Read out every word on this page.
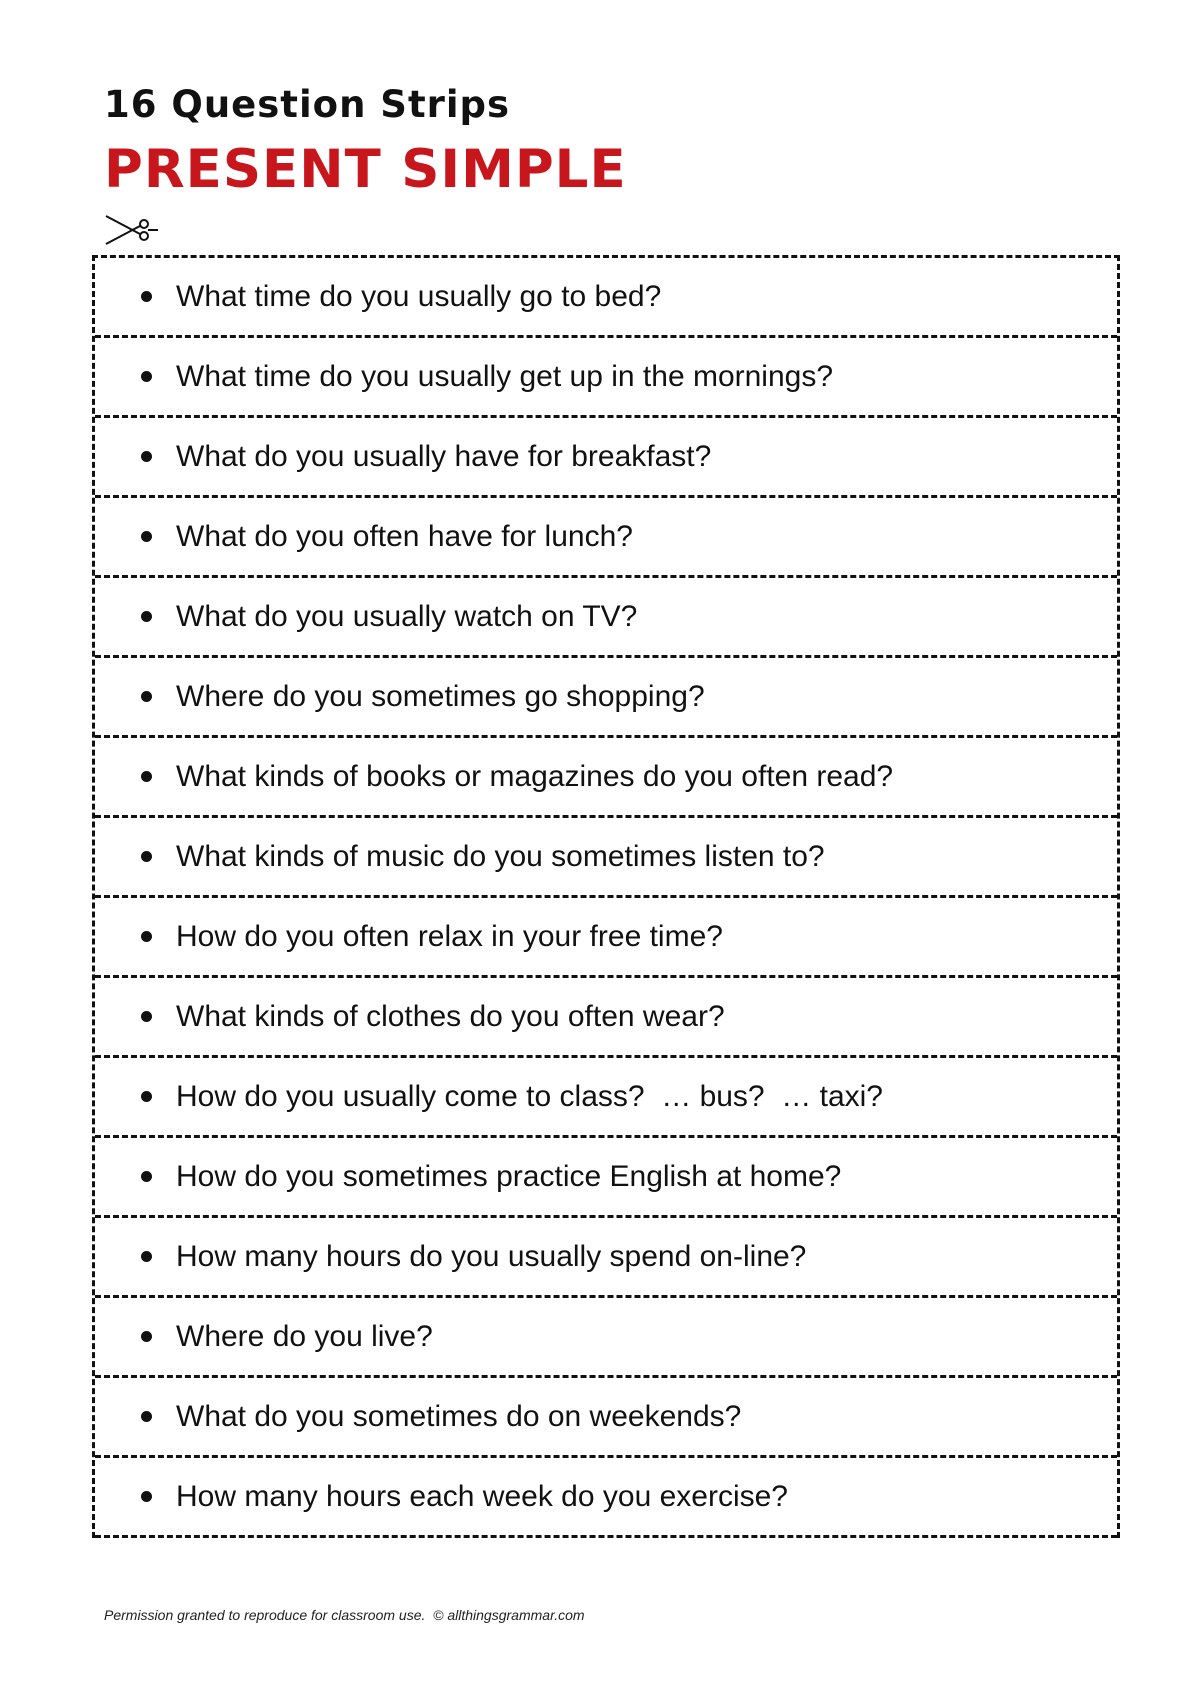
16 Question Strips
PRESENT SIMPLE
What time do you usually go to bed?
What time do you usually get up in the mornings?
What do you usually have for breakfast?
What do you often have for lunch?
What do you usually watch on TV?
Where do you sometimes go shopping?
What kinds of books or magazines do you often read?
What kinds of music do you sometimes listen to?
How do you often relax in your free time?
What kinds of clothes do you often wear?
How do you usually come to class?  … bus?  … taxi?
How do you sometimes practice English at home?
How many hours do you usually spend on-line?
Where do you live?
What do you sometimes do on weekends?
How many hours each week do you exercise?
Permission granted to reproduce for classroom use.  © allthingsgrammar.com
